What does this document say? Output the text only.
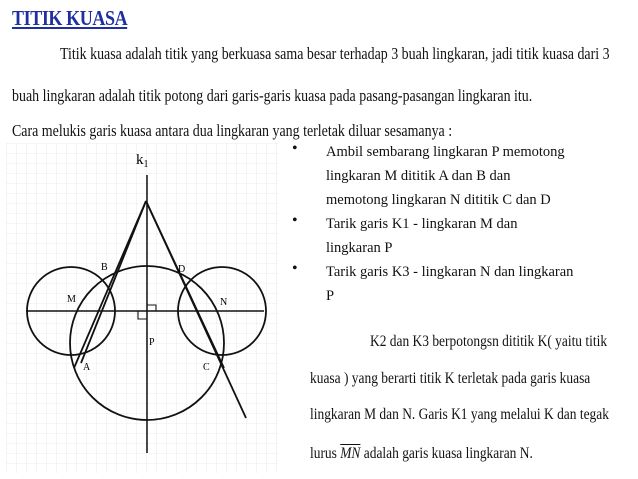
TITIK KUASA
Titik kuasa adalah titik yang berkuasa sama besar terhadap 3 buah lingkaran, jadi titik kuasa dari 3
buah lingkaran adalah titik potong dari garis-garis kuasa pada pasang-pasangan lingkaran itu.
Cara melukis garis kuasa antara dua lingkaran yang terletak diluar sesamanya :
$k_1$
B	D
M	N
P
A	C
• Ambil sembarang lingkaran P memotong
lingkaran M dititik A dan B dan
memotong lingkaran N dititik C dan D
• Tarik garis K1 - lingkaran M dan
lingkaran P
• Tarik garis K3 - lingkaran N dan lingkaran
P
K2 dan K3 berpotongsn dititik K( yaitu titik
kuasa ) yang berarti titik K terletak pada garis kuasa
lingkaran M dan N. Garis K1 yang melalui K dan tegak
lurus $\overline{MN}$ adalah garis kuasa lingkaran N.
